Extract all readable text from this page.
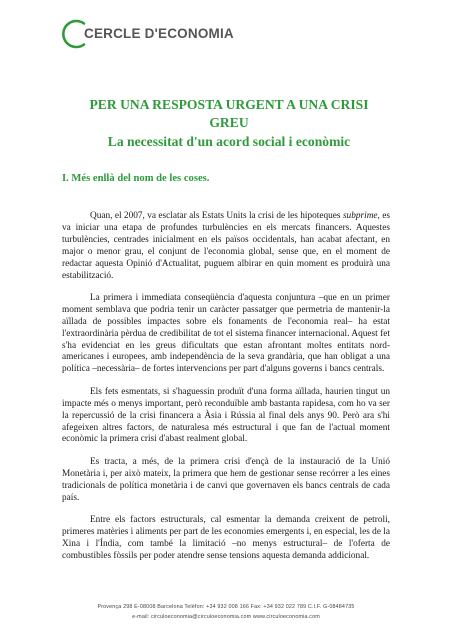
CERCLE D'ECONOMIA
PER UNA RESPOSTA URGENT A UNA CRISI
GREU
La necessitat d'un acord social i econòmic
I. Més enllà del nom de les coses.

Quan, el 2007, va esclatar als Estats Units la crisi de les hipoteques subprime, es va iniciar una etapa de profundes turbulències en els mercats financers. Aquestes turbulències, centrades inicialment en els països occidentals, han acabat afectant, en major o menor grau, el conjunt de l'economia global, sense que, en el moment de redactar aquesta Opinió d'Actualitat, puguem albirar en quin moment es produirà una estabilització.

La primera i immediata conseqüència d'aquesta conjuntura –que en un primer moment semblava que podria tenir un caràcter passatger que permetria de mantenir-la aïllada de possibles impactes sobre els fonaments de l'economia real– ha estat l'extraordinària pèrdua de credibilitat de tot el sistema financer internacional. Aquest fet s'ha evidenciat en les greus dificultats que estan afrontant moltes entitats nord-americanes i europees, amb independència de la seva grandària, que han obligat a una política –necessària– de fortes intervencions per part d'alguns governs i bancs centrals.

Els fets esmentats, si s'haguessin produït d'una forma aïllada, haurien tingut un impacte més o menys important, però reconduïble amb bastanta rapidesa, com ho va ser la repercussió de la crisi financera a Àsia i Rússia al final dels anys 90. Però ara s'hi afegeixen altres factors, de naturalesa més estructural i que fan de l'actual moment econòmic la primera crisi d'abast realment global.

Es tracta, a més, de la primera crisi d'ençà de la instauració de la Unió Monetària i, per això mateix, la primera que hem de gestionar sense recórrer a les eines tradicionals de política monetària i de canvi que governaven els bancs centrals de cada país.

Entre els factors estructurals, cal esmentar la demanda creixent de petroli, primeres matèries i aliments per part de les economies emergents i, en especial, les de la Xina i l'Índia, com també la limitació –no menys estructural– de l'oferta de combustibles fòssils per poder atendre sense tensions aquesta demanda addicional.

Provença 298 E-08008 Barcelona Telèfon: +34 932 008 166 Fax: +34 932 022 789 C.I.F. G-08484735
e-mail: circuloeconomia@circuloeconomia.com www.circuloeconomia.com
